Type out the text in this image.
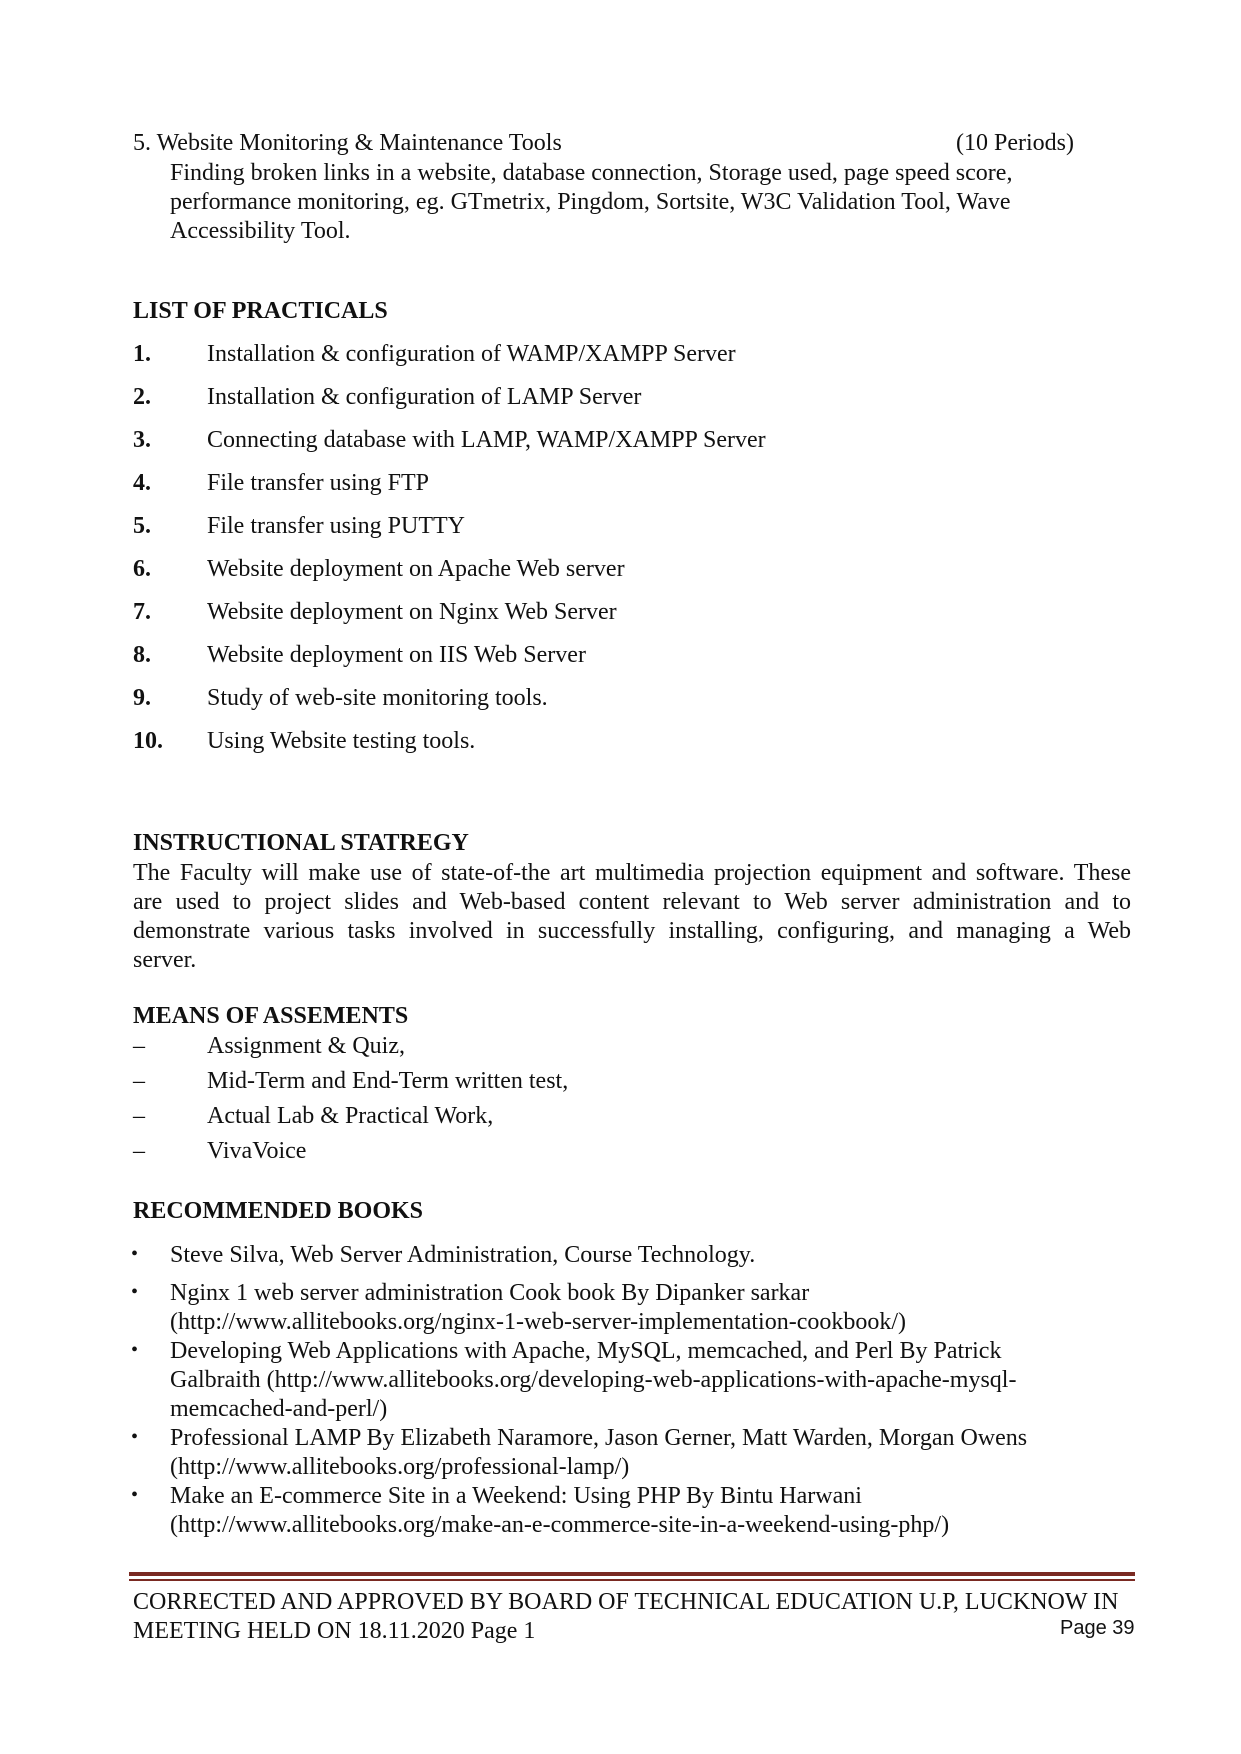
5. Website Monitoring & Maintenance Tools	(10 Periods)
Finding broken links in a website, database connection, Storage used, page speed score,
performance monitoring, eg. GTmetrix, Pingdom, Sortsite, W3C Validation Tool, Wave
Accessibility Tool.
LIST OF PRACTICALS
1. Installation & configuration of WAMP/XAMPP Server
2. Installation & configuration of LAMP Server
3. Connecting database with LAMP, WAMP/XAMPP Server
4. File transfer using FTP
5. File transfer using PUTTY
6. Website deployment on Apache Web server
7. Website deployment on Nginx Web Server
8. Website deployment on IIS Web Server
9. Study of web-site monitoring tools.
10. Using Website testing tools.
INSTRUCTIONAL STATREGY
The Faculty will make use of state-of-the art multimedia projection equipment and software. These
are used to project slides and Web-based content relevant to Web server administration and to
demonstrate various tasks involved in successfully installing, configuring, and managing a Web
server.
MEANS OF ASSEMENTS
–	Assignment & Quiz,
–	Mid-Term and End-Term written test,
–	Actual Lab & Practical Work,
–	VivaVoice
RECOMMENDED BOOKS
• Steve Silva, Web Server Administration, Course Technology.
• Nginx 1 web server administration Cook book By Dipanker sarkar
(http://www.allitebooks.org/nginx-1-web-server-implementation-cookbook/)
• Developing Web Applications with Apache, MySQL, memcached, and Perl By Patrick
Galbraith (http://www.allitebooks.org/developing-web-applications-with-apache-mysql-
memcached-and-perl/)
• Professional LAMP By Elizabeth Naramore, Jason Gerner, Matt Warden, Morgan Owens
(http://www.allitebooks.org/professional-lamp/)
• Make an E-commerce Site in a Weekend: Using PHP By Bintu Harwani
(http://www.allitebooks.org/make-an-e-commerce-site-in-a-weekend-using-php/)
CORRECTED AND APPROVED BY BOARD OF TECHNICAL EDUCATION U.P, LUCKNOW IN
MEETING HELD ON 18.11.2020 Page 1	Page 39
